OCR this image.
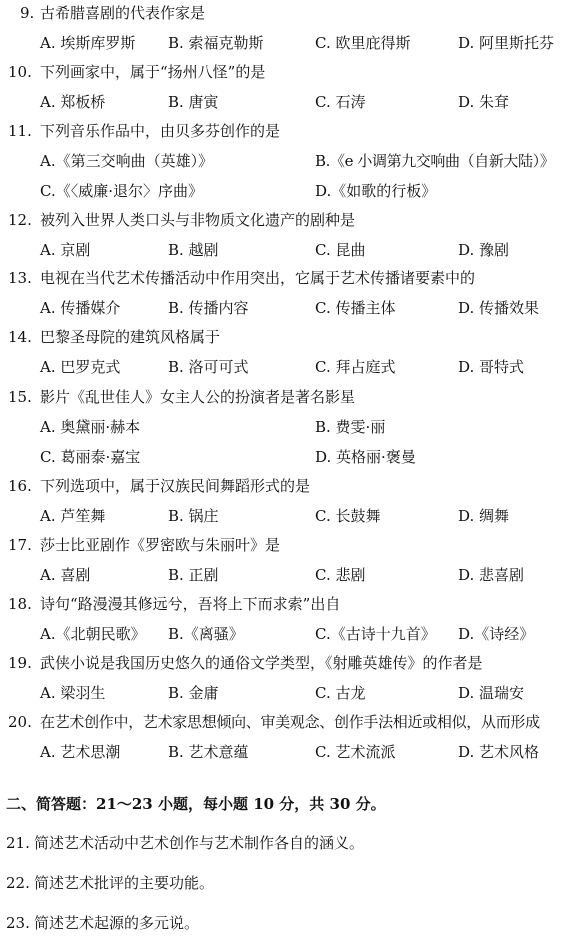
9. 古希腊喜剧的代表作家是
A. 埃斯库罗斯 B. 索福克勒斯	C. 欧里庇得斯	D. 阿里斯托芬
10. 下列画家中，属于“扬州八怪”的是
A. 郑板桥	B. 唐寅	C. 石涛	D. 朱耷
11. 下列音乐作品中，由贝多芬创作的是
A.《第三交响曲（英雄）》	B.《e 小调第九交响曲（自新大陆）》
C.《〈威廉·退尔〉序曲》	D.《如歌的行板》
12. 被列入世界人类口头与非物质文化遗产的剧种是
A. 京剧	B. 越剧	C. 昆曲	D. 豫剧
13. 电视在当代艺术传播活动中作用突出，它属于艺术传播诸要素中的
A. 传播媒介	B. 传播内容	C. 传播主体	D. 传播效果
14. 巴黎圣母院的建筑风格属于
A. 巴罗克式	B. 洛可可式	C. 拜占庭式	D. 哥特式
15. 影片《乱世佳人》女主人公的扮演者是著名影星
A. 奥黛丽·赫本	B. 费雯·丽
C. 葛丽泰·嘉宝	D. 英格丽·褒曼
16. 下列选项中，属于汉族民间舞蹈形式的是
A. 芦笙舞	B. 锅庄	C. 长鼓舞	D. 绸舞
17. 莎士比亚剧作《罗密欧与朱丽叶》是
A. 喜剧	B. 正剧	C. 悲剧	D. 悲喜剧
18. 诗句“路漫漫其修远兮，吾将上下而求索”出自
A.《北朝民歌》 B.《离骚》	C.《古诗十九首》 D.《诗经》
19. 武侠小说是我国历史悠久的通俗文学类型，《射雕英雄传》的作者是
A. 梁羽生	B. 金庸	C. 古龙	D. 温瑞安
20. 在艺术创作中，艺术家思想倾向、审美观念、创作手法相近或相似，从而形成
A. 艺术思潮	B. 艺术意蕴	C. 艺术流派	D. 艺术风格
二、简答题：21～23 小题，每小题 10 分，共 30 分。
21. 简述艺术活动中艺术创作与艺术制作各自的涵义。
22. 简述艺术批评的主要功能。
23. 简述艺术起源的多元说。
